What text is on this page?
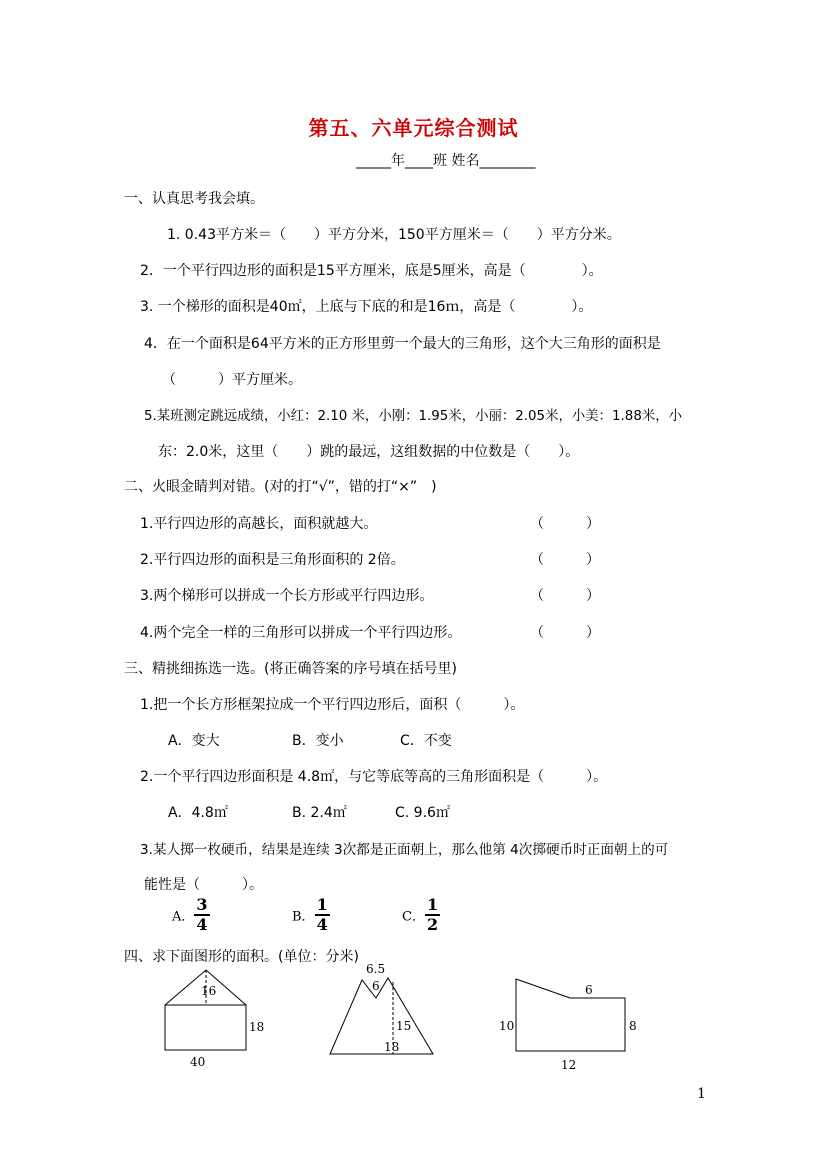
第五、六单元综合测试
_____年____班 姓名________
一、认真思考我会填。
1. 0.43平方米＝（　　）平方分米，150平方厘米＝（　　）平方分米。
2．一个平行四边形的面积是15平方厘米，底是5厘米，高是（　　　　）。
3. 一个梯形的面积是40㎡，上底与下底的和是16ｍ，高是（　　　　）。
4．在一个面积是64平方米的正方形里剪一个最大的三角形，这个大三角形的面积是
（　　　）平方厘米。
5.某班测定跳远成绩，小红：2.10 米，小刚：1.95米，小丽：2.05米，小美：1.88米，小
东：2.0米，这里（　　）跳的最远，这组数据的中位数是（　　）。
二、火眼金睛判对错。(对的打“√”，错的打“×”　)
1.平行四边形的高越长，面积就越大。	（　　　）
2.平行四边形的面积是三角形面积的 2倍。	（　　　）
3.两个梯形可以拼成一个长方形或平行四边形。	（　　　）
4.两个完全一样的三角形可以拼成一个平行四边形。	（　　　）
三、精挑细拣选一选。(将正确答案的序号填在括号里)
1.把一个长方形框架拉成一个平行四边形后，面积（　　　）。
A．变大	B．变小	C．不变
2.一个平行四边形面积是 4.8㎡，与它等底等高的三角形面积是（　　　）。
A．4.8㎡	B. 2.4㎡	C. 9.6㎡
3.某人掷一枚硬币，结果是连续 3次都是正面朝上，那么他第 4次掷硬币时正面朝上的可
能性是（　　　）。
A． $\frac{3}{4}$	B． $\frac{1}{4}$	C． $\frac{1}{2}$
四、求下面图形的面积。(单位：分米)
16
18
40
6.5
6
15
18
6
10	8
12
1
